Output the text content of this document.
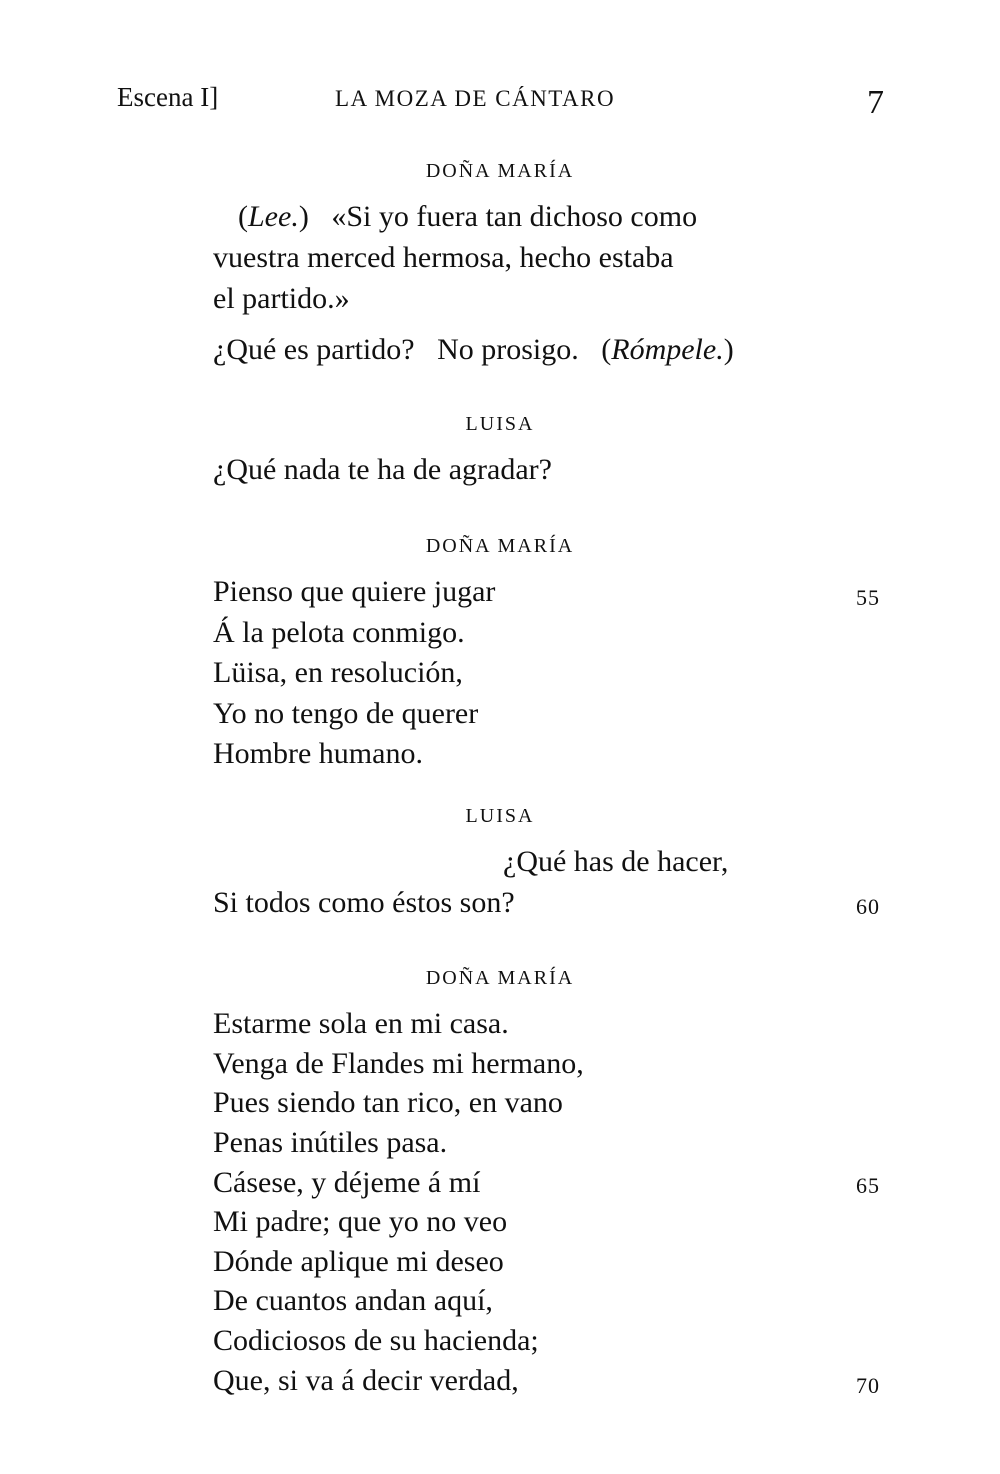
Escena I]	LA MOZA DE CÁNTARO	7
DOÑA MARÍA
(Lee.) «Si yo fuera tan dichoso como
vuestra merced hermosa, hecho estaba
el partido.»
¿Qué es partido?   No prosigo. (Rómpele.)
LUISA
¿Qué nada te ha de agradar?
DOÑA MARÍA
Pienso que quiere jugar	55
Á la pelota conmigo.
Lüisa, en resolución,
Yo no tengo de querer
Hombre humano.
LUISA
¿Qué has de hacer,
Si todos como éstos son?	60
DOÑA MARÍA
Estarme sola en mi casa.
Venga de Flandes mi hermano,
Pues siendo tan rico, en vano
Penas inútiles pasa.
Cásese, y déjeme á mí	65
Mi padre; que yo no veo
Dónde aplique mi deseo
De cuantos andan aquí,
Codiciosos de su hacienda;
Que, si va á decir verdad,	70
